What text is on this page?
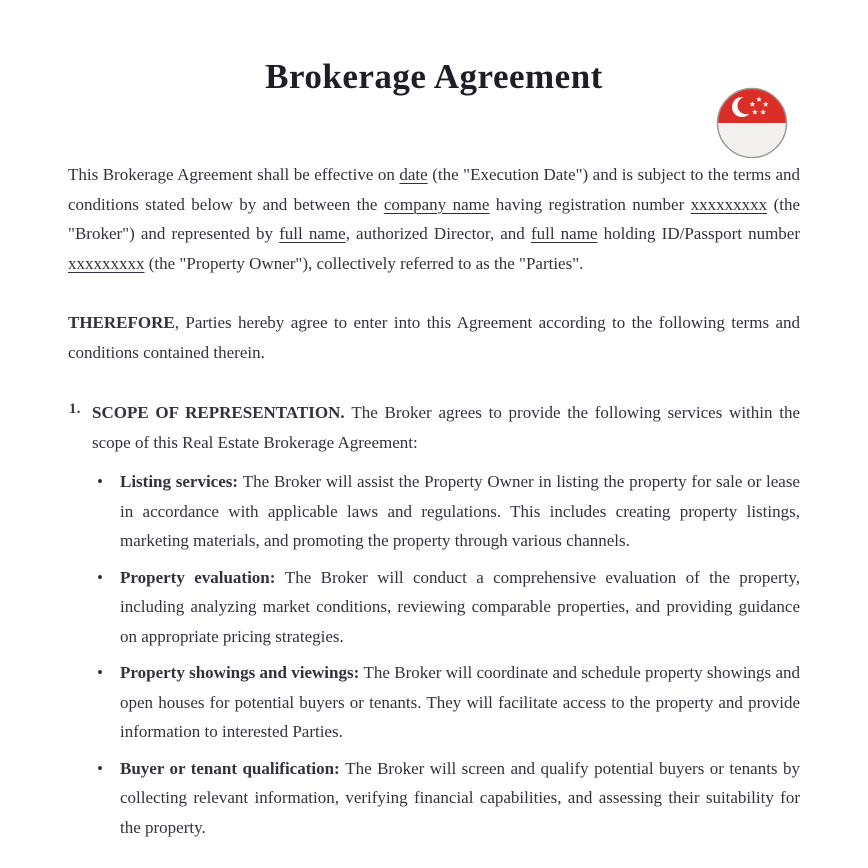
Brokerage Agreement

This Brokerage Agreement shall be effective on date (the "Execution Date") and is subject to the terms and conditions stated below by and between the company name having registration number xxxxxxxxx (the "Broker") and represented by full name, authorized Director, and full name holding ID/Passport number xxxxxxxxx (the "Property Owner"), collectively referred to as the "Parties".

THEREFORE, Parties hereby agree to enter into this Agreement according to the following terms and conditions contained therein.

1. SCOPE OF REPRESENTATION. The Broker agrees to provide the following services within the scope of this Real Estate Brokerage Agreement:

• Listing services: The Broker will assist the Property Owner in listing the property for sale or lease in accordance with applicable laws and regulations. This includes creating property listings, marketing materials, and promoting the property through various channels.
• Property evaluation: The Broker will conduct a comprehensive evaluation of the property, including analyzing market conditions, reviewing comparable properties, and providing guidance on appropriate pricing strategies.
• Property showings and viewings: The Broker will coordinate and schedule property showings and open houses for potential buyers or tenants. They will facilitate access to the property and provide information to interested Parties.
• Buyer or tenant qualification: The Broker will screen and qualify potential buyers or tenants by collecting relevant information, verifying financial capabilities, and assessing their suitability for the property.
